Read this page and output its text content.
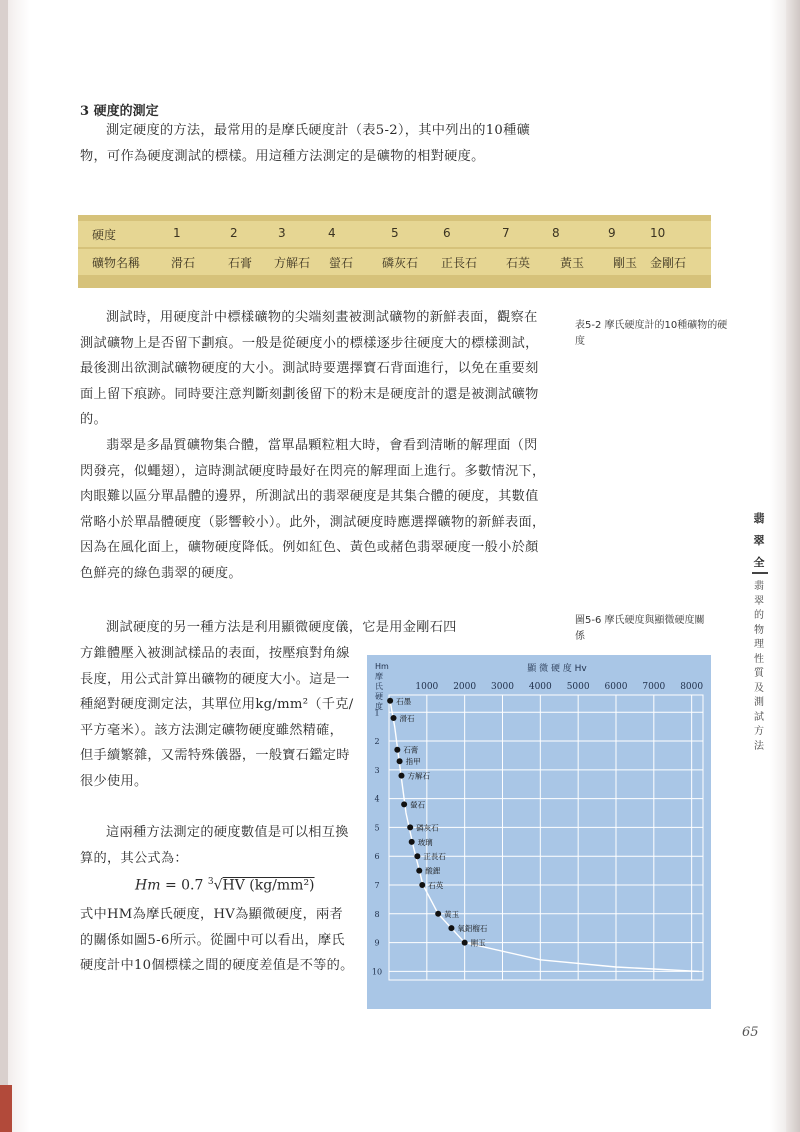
3 硬度的測定
測定硬度的方法，最常用的是摩氏硬度計（表5-2），其中列出的10種礦物，可作為硬度測試的標樣。用這種方法測定的是礦物的相對硬度。
硬度	1	2	3	4	5	6	7	8	9	10
礦物名稱	滑石	石膏 方解石 螢石 磷灰石 正長石 石英 黃玉 剛玉 金剛石
測試時，用硬度計中標樣礦物的尖端刻畫被測試礦物的新鮮表面，觀察在測試礦物上是否留下劃痕。一般是從硬度小的標樣逐步往硬度大的標樣測試，最後測出欲測試礦物硬度的大小。測試時要選擇寶石背面進行，以免在重要刻面上留下痕跡。同時要注意判斷刻劃後留下的粉末是硬度計的還是被測試礦物的。
表5-2 摩氏硬度計的10種礦物的硬度
翡翠是多晶質礦物集合體，當單晶顆粒粗大時，會看到清晰的解理面（閃閃發亮，似蠅翅），這時測試硬度時最好在閃亮的解理面上進行。多數情況下，肉眼難以區分單晶體的邊界，所測試出的翡翠硬度是其集合體的硬度，其數值常略小於單晶體硬度（影響較小）。此外，測試硬度時應選擇礦物的新鮮表面，因為在風化面上，礦物硬度降低。例如紅色、黃色或赭色翡翠硬度一般小於顏色鮮亮的綠色翡翠的硬度。
翡
翠
全
翡
翠
的
物
理
性
質
及
測
試
方
法
圖5-6 摩氏硬度與顯微硬度關係
測試硬度的另一種方法是利用顯微硬度儀，它是用金剛石四
方錐體壓入被測試樣品的表面，按壓痕對角線長度，用公式計算出礦物的硬度大小。這是一種絕對硬度測定法，其單位用kg/mm²（千克/平方毫米）。該方法測定礦物硬度雖然精確，但手續繁雜，又需特殊儀器，一般寶石鑑定時很少使用。
這兩種方法測定的硬度數值是可以相互換算的，其公式為：
Hm = 0.7 $^3$√HV (kg/mm²)
式中HM為摩氏硬度，HV為顯微硬度，兩者的關係如圖5-6所示。從圖中可以看出，摩氏硬度計中10個標樣之間的硬度差值是不等的。
1000 2000 3000 4000 5000 6000 7000 8000
1
2
3
4
5
6
7
8
9
10
顯 微 硬 度 Hv
Hm
摩
氏
硬
度
石墨
滑石
石膏
指甲
方解石
螢石
磷灰石
玻璃
正長石
酸鋰
石英
黃玉
氧鋁榴石
剛玉
65
